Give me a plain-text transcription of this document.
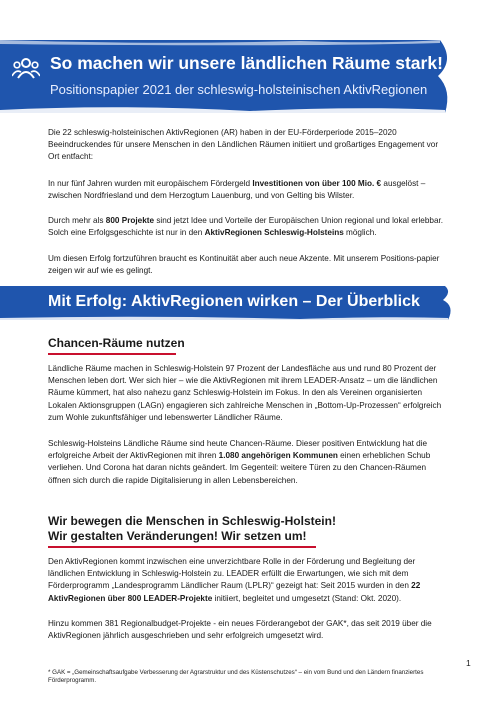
So machen wir unsere ländlichen Räume stark!
Positionspapier 2021 der schleswig-holsteinischen AktivRegionen

Die 22 schleswig-holsteinischen AktivRegionen (AR) haben in der EU-Förderperiode 2015–2020 Beeindruckendes für unsere Menschen in den Ländlichen Räumen initiiert und großartiges Engagement vor Ort entfacht:

In nur fünf Jahren wurden mit europäischem Fördergeld Investitionen von über 100 Mio. € ausgelöst – zwischen Nordfriesland und dem Herzogtum Lauenburg, und von Gelting bis Wilster.

Durch mehr als 800 Projekte sind jetzt Idee und Vorteile der Europäischen Union regional und lokal erlebbar. Solch eine Erfolgsgeschichte ist nur in den AktivRegionen Schleswig-Holsteins möglich.

Um diesen Erfolg fortzuführen braucht es Kontinuität aber auch neue Akzente. Mit unserem Positions-papier zeigen wir auf wie es gelingt.

Mit Erfolg: AktivRegionen wirken – Der Überblick
Chancen-Räume nutzen

Ländliche Räume machen in Schleswig-Holstein 97 Prozent der Landesfläche aus und rund 80 Prozent der Menschen leben dort. Wer sich hier – wie die AktivRegionen mit ihrem LEADER-Ansatz – um die ländlichen Räume kümmert, hat also nahezu ganz Schleswig-Holstein im Fokus. In den als Vereinen organisierten Lokalen Aktionsgruppen (LAGn) engagieren sich zahlreiche Menschen in „Bottom-Up-Prozessen“ erfolgreich zum Wohle zukunftsfähiger und lebenswerter Ländlicher Räume.

Schleswig-Holsteins Ländliche Räume sind heute Chancen-Räume. Dieser positiven Entwicklung hat die erfolgreiche Arbeit der AktivRegionen mit ihren 1.080 angehörigen Kommunen einen erheblichen Schub verliehen. Und Corona hat daran nichts geändert. Im Gegenteil: weitere Türen zu den Chancen-Räumen öffnen sich durch die rapide Digitalisierung in allen Lebensbereichen.

Wir bewegen die Menschen in Schleswig-Holstein!
Wir gestalten Veränderungen! Wir setzen um!

Den AktivRegionen kommt inzwischen eine unverzichtbare Rolle in der Förderung und Begleitung der ländlichen Entwicklung in Schleswig-Holstein zu. LEADER erfüllt die Erwartungen, wie sich mit dem Förderprogramm „Landesprogramm Ländlicher Raum (LPLR)“ gezeigt hat: Seit 2015 wurden in den 22 AktivRegionen über 800 LEADER-Projekte initiiert, begleitet und umgesetzt (Stand: Okt. 2020).

Hinzu kommen 381 Regionalbudget-Projekte - ein neues Förderangebot der GAK*, das seit 2019 über die AktivRegionen jährlich ausgeschrieben und sehr erfolgreich umgesetzt wird.

1
* GAK = „Gemeinschaftsaufgabe Verbesserung der Agrarstruktur und des Küstenschutzes“ – ein vom Bund und den Ländern finanziertes Förderprogramm.
